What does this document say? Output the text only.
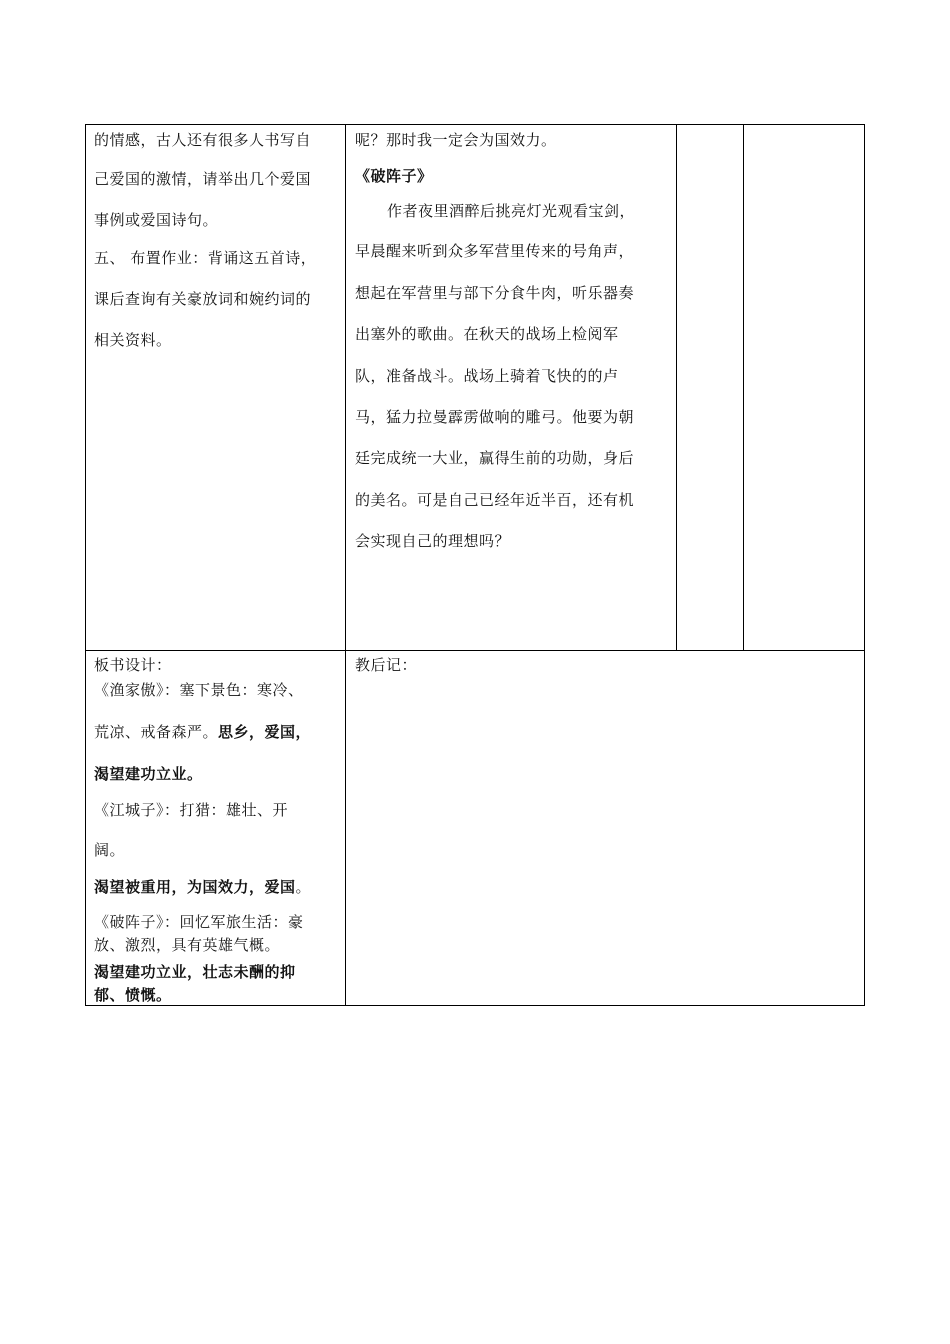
的情感，古人还有很多人书写自
己爱国的激情，请举出几个爱国
事例或爱国诗句。
五、 布置作业：背诵这五首诗，
课后查询有关豪放词和婉约词的
相关资料。
呢？那时我一定会为国效力。
《破阵子》
作者夜里酒醉后挑亮灯光观看宝剑，
早晨醒来听到众多军营里传来的号角声，
想起在军营里与部下分食牛肉，听乐器奏
出塞外的歌曲。在秋天的战场上检阅军
队，准备战斗。战场上骑着飞快的的卢
马，猛力拉曼霹雳做响的雕弓。他要为朝
廷完成统一大业，赢得生前的功勋，身后
的美名。可是自己已经年近半百，还有机
会实现自己的理想吗？
板书设计：
《渔家傲》：塞下景色：寒冷、
荒凉、戒备森严。思乡，爱国，
渴望建功立业。
《江城子》：打猎：雄壮、开
阔。
渴望被重用，为国效力，爱国。
《破阵子》：回忆军旅生活：豪
放、激烈，具有英雄气概。
渴望建功立业，壮志未酬的抑
郁、愤慨。
教后记：
